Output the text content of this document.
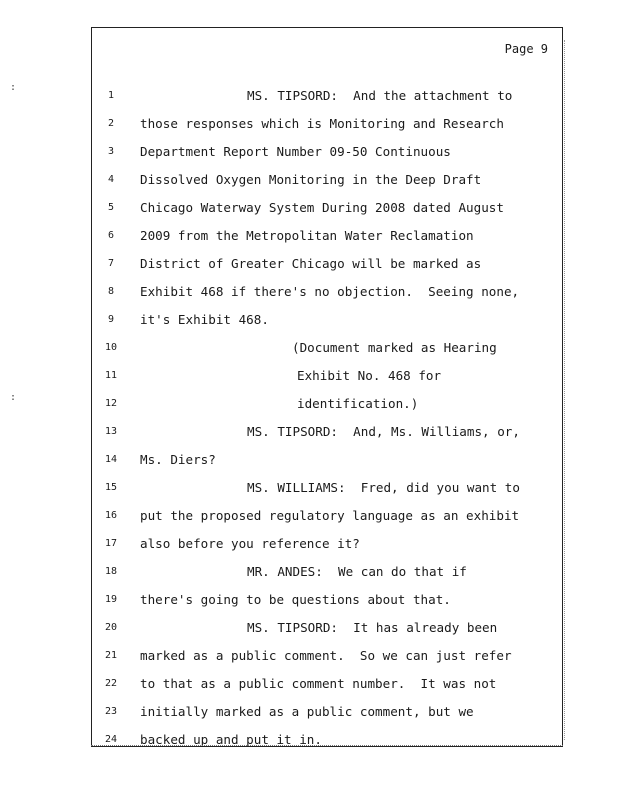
:
:
Page 9
1	MS. TIPSORD:  And the attachment to
2	those responses which is Monitoring and Research
3	Department Report Number 09-50 Continuous
4	Dissolved Oxygen Monitoring in the Deep Draft
5	Chicago Waterway System During 2008 dated August
6	2009 from the Metropolitan Water Reclamation
7	District of Greater Chicago will be marked as
8	Exhibit 468 if there's no objection.  Seeing none,
9	it's Exhibit 468.
10	(Document marked as Hearing
11	Exhibit No. 468 for
12	identification.)
13	MS. TIPSORD:  And, Ms. Williams, or,
14	Ms. Diers?
15	MS. WILLIAMS:  Fred, did you want to
16	put the proposed regulatory language as an exhibit
17	also before you reference it?
18	MR. ANDES:  We can do that if
19	there's going to be questions about that.
20	MS. TIPSORD:  It has already been
21	marked as a public comment.  So we can just refer
22	to that as a public comment number.  It was not
23	initially marked as a public comment, but we
24	backed up and put it in.
